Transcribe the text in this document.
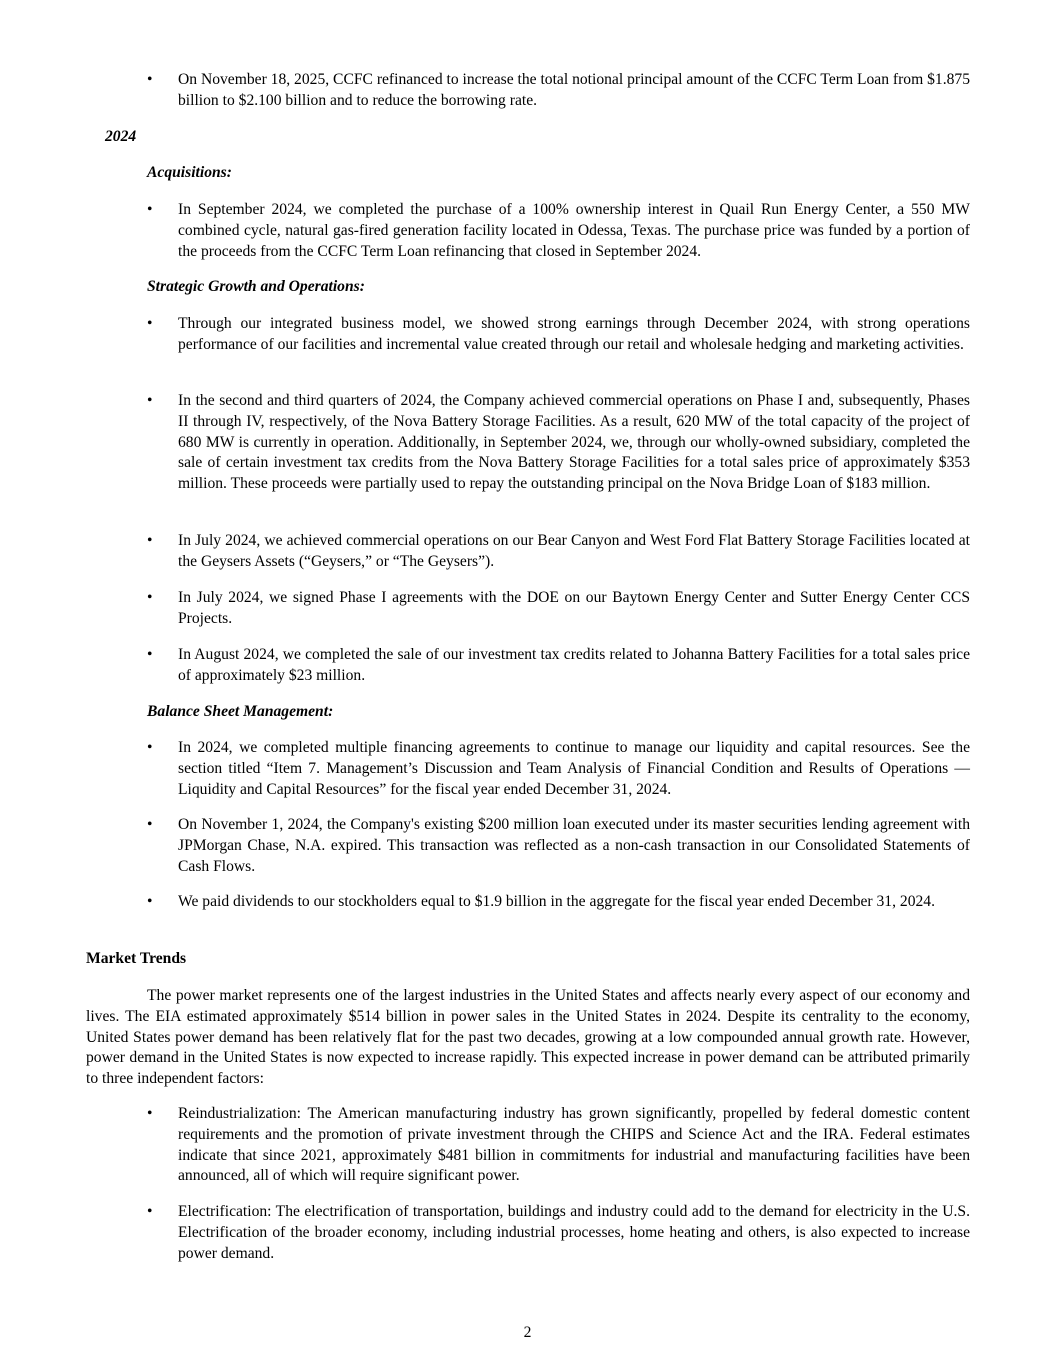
•	On November 18, 2025, CCFC refinanced to increase the total notional principal amount of the CCFC Term Loan from $1.875 billion to $2.100 billion and to reduce the borrowing rate.
2024
Acquisitions:
•	In September 2024, we completed the purchase of a 100% ownership interest in Quail Run Energy Center, a 550 MW combined cycle, natural gas-fired generation facility located in Odessa, Texas. The purchase price was funded by a portion of the proceeds from the CCFC Term Loan refinancing that closed in September 2024.
Strategic Growth and Operations:
•	Through our integrated business model, we showed strong earnings through December 2024, with strong operations performance of our facilities and incremental value created through our retail and wholesale hedging and marketing activities.
•	In the second and third quarters of 2024, the Company achieved commercial operations on Phase I and, subsequently, Phases II through IV, respectively, of the Nova Battery Storage Facilities. As a result, 620 MW of the total capacity of the project of 680 MW is currently in operation. Additionally, in September 2024, we, through our wholly-owned subsidiary, completed the sale of certain investment tax credits from the Nova Battery Storage Facilities for a total sales price of approximately $353 million. These proceeds were partially used to repay the outstanding principal on the Nova Bridge Loan of $183 million.
•	In July 2024, we achieved commercial operations on our Bear Canyon and West Ford Flat Battery Storage Facilities located at the Geysers Assets (“Geysers,” or “The Geysers”).
•	In July 2024, we signed Phase I agreements with the DOE on our Baytown Energy Center and Sutter Energy Center CCS Projects.
•	In August 2024, we completed the sale of our investment tax credits related to Johanna Battery Facilities for a total sales price of approximately $23 million.
Balance Sheet Management:
•	In 2024, we completed multiple financing agreements to continue to manage our liquidity and capital resources. See the section titled “Item 7. Management’s Discussion and Team Analysis of Financial Condition and Results of Operations — Liquidity and Capital Resources” for the fiscal year ended December 31, 2024.
•	On November 1, 2024, the Company's existing $200 million loan executed under its master securities lending agreement with JPMorgan Chase, N.A. expired. This transaction was reflected as a non-cash transaction in our Consolidated Statements of Cash Flows.
•	We paid dividends to our stockholders equal to $1.9 billion in the aggregate for the fiscal year ended December 31, 2024.
Market Trends
The power market represents one of the largest industries in the United States and affects nearly every aspect of our economy and lives. The EIA estimated approximately $514 billion in power sales in the United States in 2024. Despite its centrality to the economy, United States power demand has been relatively flat for the past two decades, growing at a low compounded annual growth rate. However, power demand in the United States is now expected to increase rapidly. This expected increase in power demand can be attributed primarily to three independent factors:
•	Reindustrialization: The American manufacturing industry has grown significantly, propelled by federal domestic content requirements and the promotion of private investment through the CHIPS and Science Act and the IRA. Federal estimates indicate that since 2021, approximately $481 billion in commitments for industrial and manufacturing facilities have been announced, all of which will require significant power.
•	Electrification: The electrification of transportation, buildings and industry could add to the demand for electricity in the U.S. Electrification of the broader economy, including industrial processes, home heating and others, is also expected to increase power demand.
2
